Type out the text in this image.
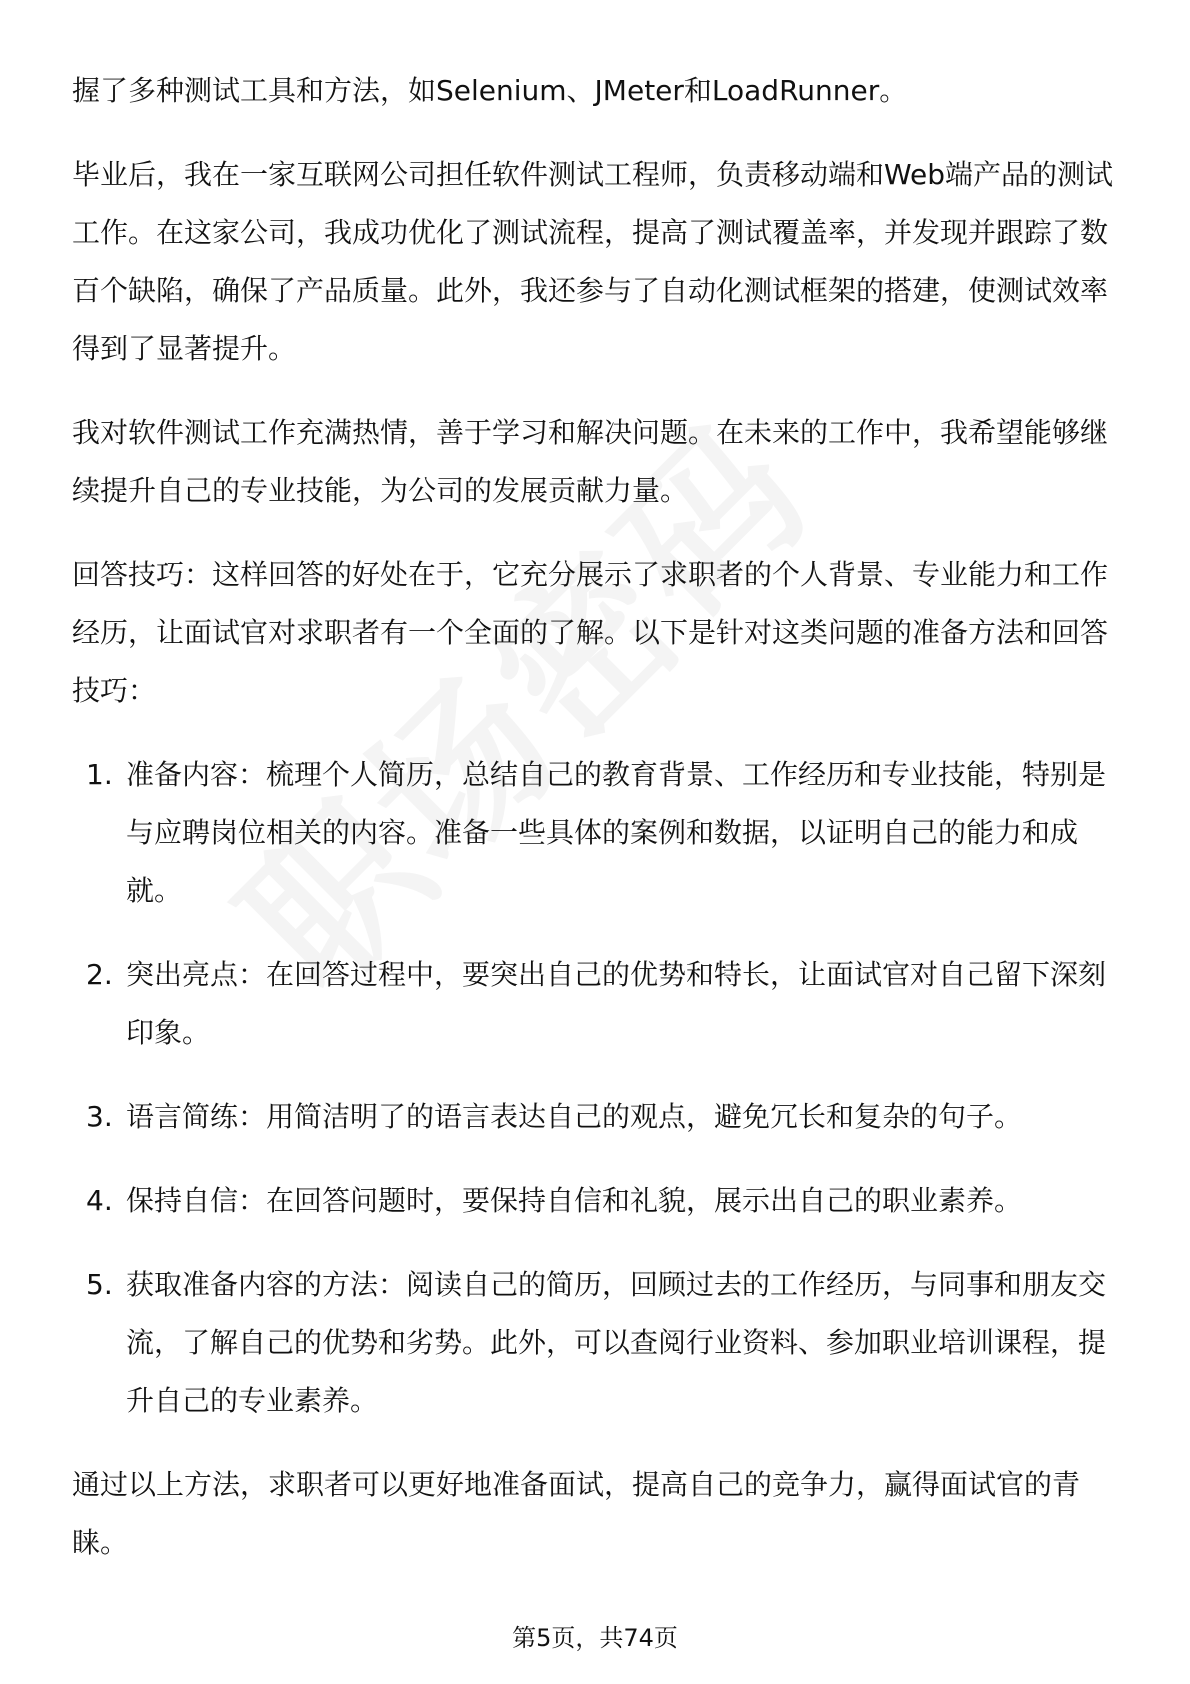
握了多种测试工具和方法，如Selenium、JMeter和LoadRunner。

毕业后，我在一家互联网公司担任软件测试工程师，负责移动端和Web端产品的测试工作。在这家公司，我成功优化了测试流程，提高了测试覆盖率，并发现并跟踪了数百个缺陷，确保了产品质量。此外，我还参与了自动化测试框架的搭建，使测试效率得到了显著提升。

我对软件测试工作充满热情，善于学习和解决问题。在未来的工作中，我希望能够继续提升自己的专业技能，为公司的发展贡献力量。

回答技巧：这样回答的好处在于，它充分展示了求职者的个人背景、专业能力和工作经历，让面试官对求职者有一个全面的了解。以下是针对这类问题的准备方法和回答技巧：

1. 准备内容：梳理个人简历，总结自己的教育背景、工作经历和专业技能，特别是与应聘岗位相关的内容。准备一些具体的案例和数据，以证明自己的能力和成就。
2. 突出亮点：在回答过程中，要突出自己的优势和特长，让面试官对自己留下深刻印象。
3. 语言简练：用简洁明了的语言表达自己的观点，避免冗长和复杂的句子。
4. 保持自信：在回答问题时，要保持自信和礼貌，展示出自己的职业素养。
5. 获取准备内容的方法：阅读自己的简历，回顾过去的工作经历，与同事和朋友交流，了解自己的优势和劣势。此外，可以查阅行业资料、参加职业培训课程，提升自己的专业素养。

通过以上方法，求职者可以更好地准备面试，提高自己的竞争力，赢得面试官的青睐。

第5页，共74页
